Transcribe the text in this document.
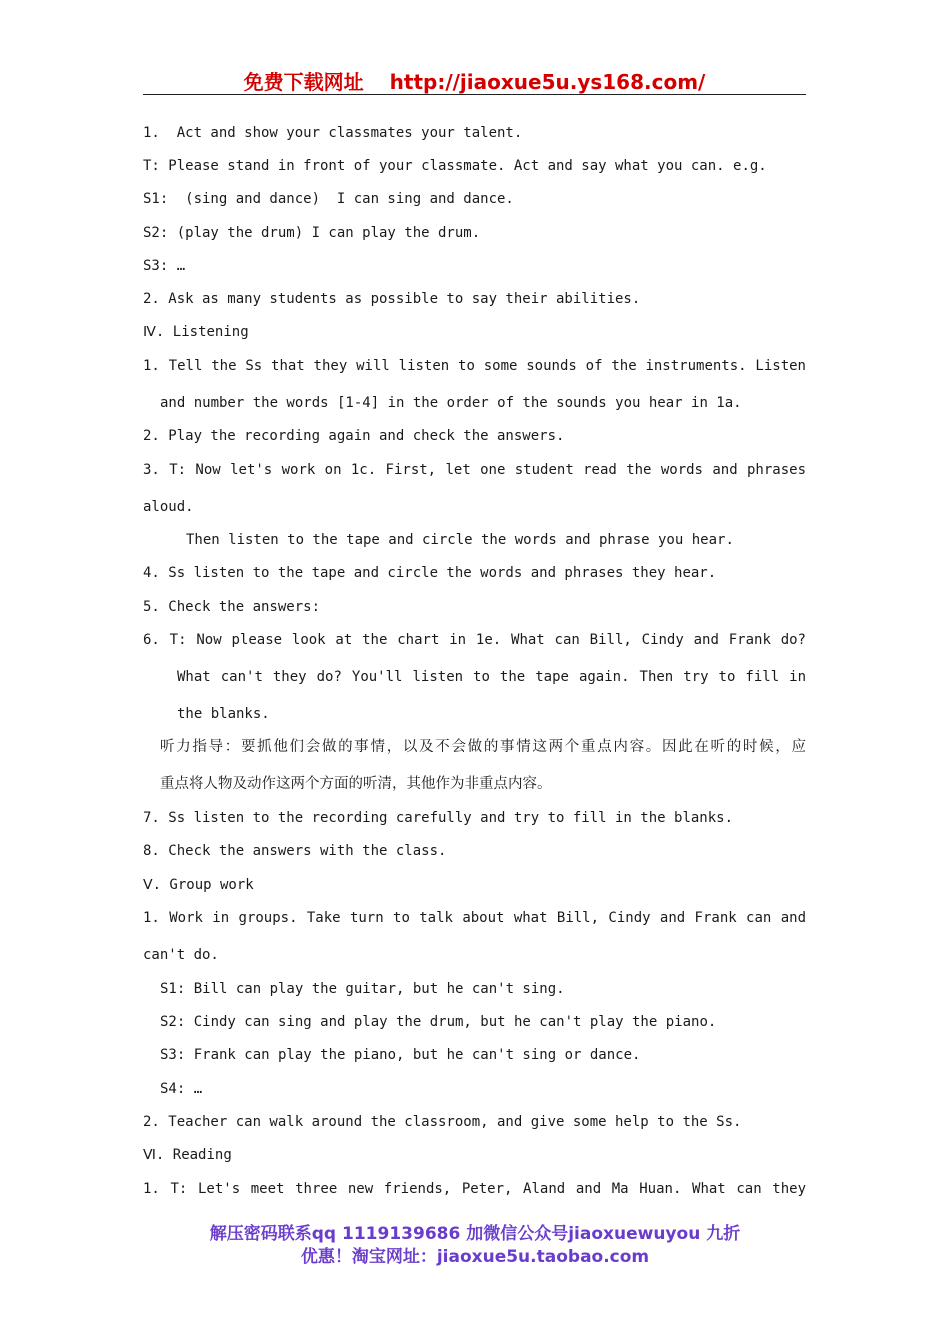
免费下载网址 http://jiaoxue5u.ys168.com/
1.  Act and show your classmates your talent.
T: Please stand in front of your classmate. Act and say what you can. e.g.
S1:  (sing and dance)  I can sing and dance.
S2: (play the drum) I can play the drum.
S3: …
2. Ask as many students as possible to say their abilities.
Ⅳ. Listening
1. Tell the Ss that they will listen to some sounds of the instruments. Listen
and number the words [1-4] in the order of the sounds you hear in 1a.
2. Play the recording again and check the answers.
3. T: Now let's work on 1c. First, let one student read the words and phrases
aloud.
Then listen to the tape and circle the words and phrase you hear.
4. Ss listen to the tape and circle the words and phrases they hear.
5. Check the answers:
6. T: Now please look at the chart in 1e. What can Bill, Cindy and Frank do?
What can't they do? You'll listen to the tape again. Then try to fill in
the blanks.
听力指导：要抓他们会做的事情，以及不会做的事情这两个重点内容。因此在听的时候，应
重点将人物及动作这两个方面的听清，其他作为非重点内容。
7. Ss listen to the recording carefully and try to fill in the blanks.
8. Check the answers with the class.
Ⅴ. Group work
1. Work in groups. Take turn to talk about what Bill, Cindy and Frank can and
can't do.
S1: Bill can play the guitar, but he can't sing.
S2: Cindy can sing and play the drum, but he can't play the piano.
S3: Frank can play the piano, but he can't sing or dance.
S4: …
2. Teacher can walk around the classroom, and give some help to the Ss.
Ⅵ. Reading
1. T: Let's meet three new friends, Peter, Aland and Ma Huan. What can they
解压密码联系qq 1119139686 加微信公众号jiaoxuewuyou 九折
优惠！淘宝网址：jiaoxue5u.taobao.com
